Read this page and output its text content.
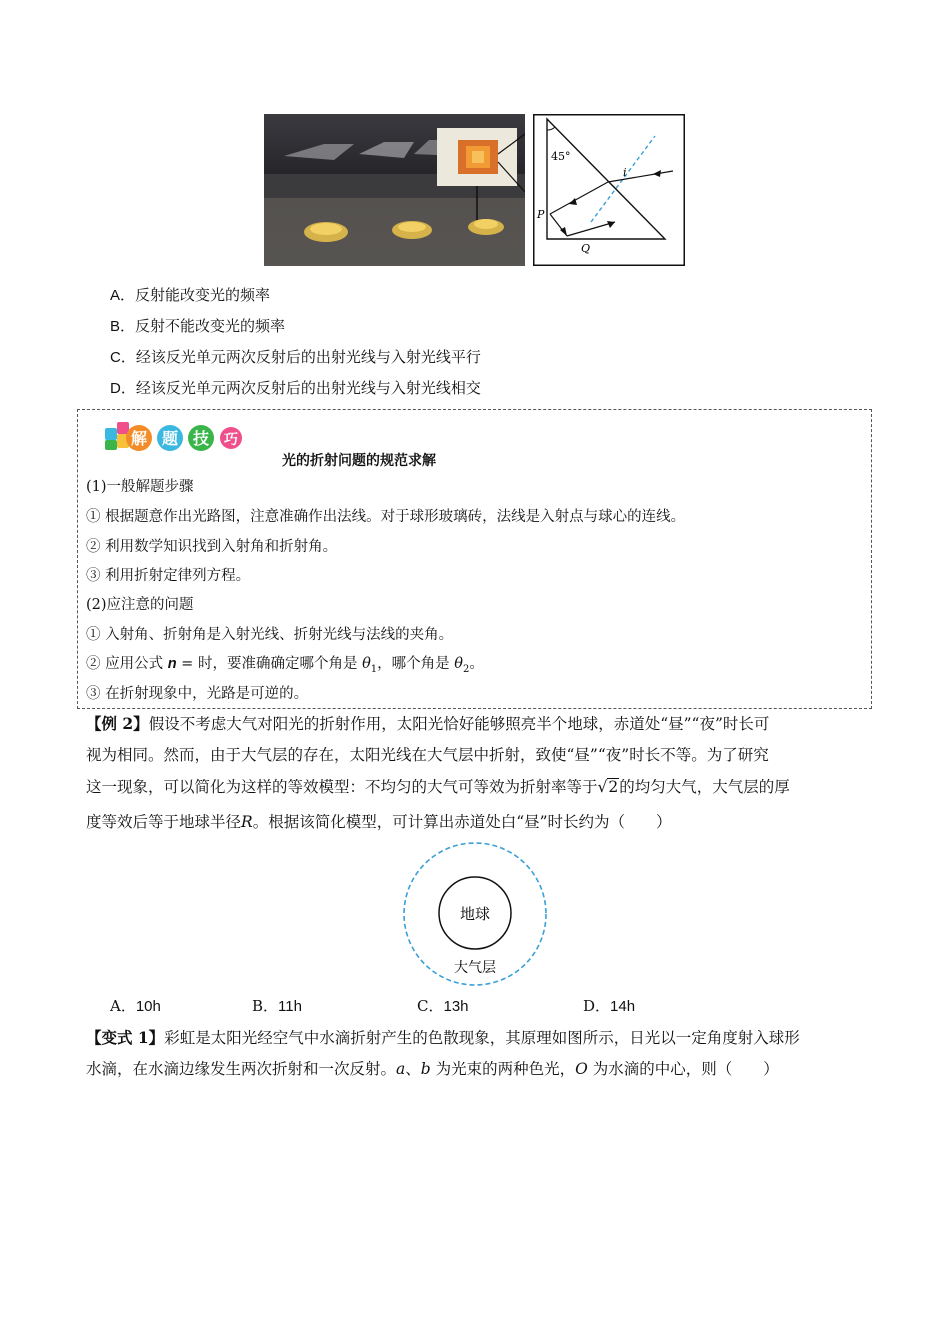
45°
i
P
Q
A．反射能改变光的频率
B．反射不能改变光的频率
C．经该反光单元两次反射后的出射光线与入射光线平行
D．经该反光单元两次反射后的出射光线与入射光线相交
解 题 技 巧
光的折射问题的规范求解
(1)一般解题步骤
① 根据题意作出光路图，注意准确作出法线。对于球形玻璃砖，法线是入射点与球心的连线。
② 利用数学知识找到入射角和折射角。
③ 利用折射定律列方程。
(2)应注意的问题
① 入射角、折射角是入射光线、折射光线与法线的夹角。
② 应用公式 n = 时，要准确确定哪个角是 $\theta_1$，哪个角是 $\theta_2$。
③ 在折射现象中，光路是可逆的。
【例 2】假设不考虑大气对阳光的折射作用，太阳光恰好能够照亮半个地球，赤道处“昼”“夜”时长可
视为相同。然而，由于大气层的存在，太阳光线在大气层中折射，致使“昼”“夜”时长不等。为了研究
这一现象，可以简化为这样的等效模型：不均匀的大气可等效为折射率等于√2的均匀大气，大气层的厚
度等效后等于地球半径R。根据该简化模型，可计算出赤道处白“昼”时长约为（　　）
地球
大气层
A．10h	B．11h	C．13h	D．14h
【变式 1】彩虹是太阳光经空气中水滴折射产生的色散现象，其原理如图所示，日光以一定角度射入球形
水滴，在水滴边缘发生两次折射和一次反射。a、b 为光束的两种色光，O 为水滴的中心，则（　　）
